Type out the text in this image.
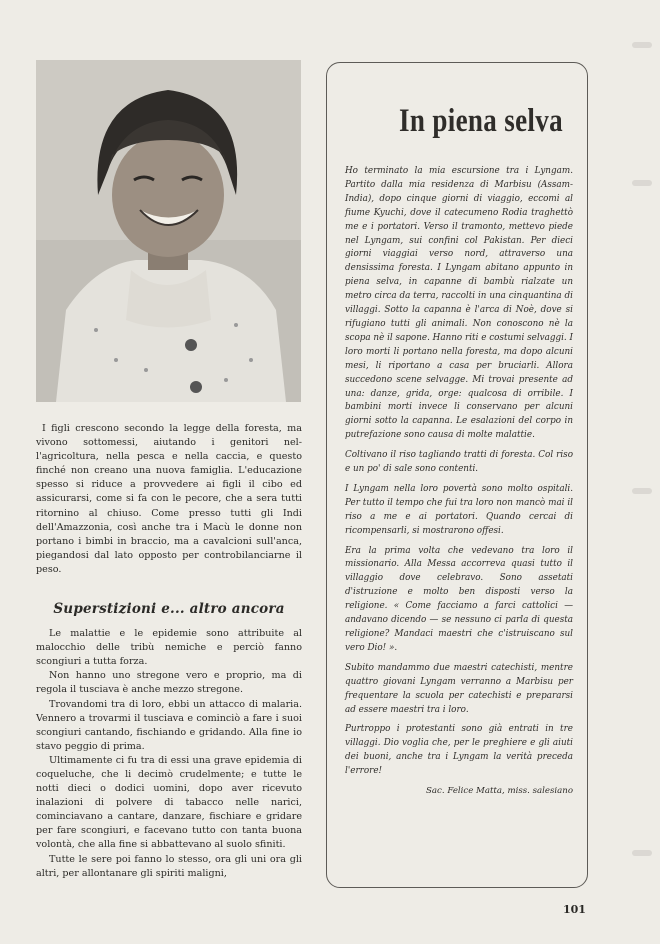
I figli crescono secondo la legge della foresta, ma vivono sottomessi, aiutando i genitori nel-l'agricoltura, nella pesca e nella caccia, e questo finché non creano una nuova famiglia. L'educazione spesso si riduce a provvedere ai figli il cibo ed assicurarsi, come si fa con le pecore, che a sera tutti ritornino al chiuso. Come presso tutti gli Indi dell'Amazzonia, così anche tra i Macù le donne non portano i bimbi in braccio, ma a cavalcioni sull'anca, piegandosi dal lato opposto per controbilanciarne il peso.

Superstizioni e... altro ancora

Le malattie e le epidemie sono attribuite al malocchio delle tribù nemiche e perciò fanno scongiuri a tutta forza.

Non hanno uno stregone vero e proprio, ma di regola il tusciava è anche mezzo stregone.

Trovandomi tra di loro, ebbi un attacco di malaria. Vennero a trovarmi il tusciava e cominciò a fare i suoi scongiuri cantando, fischiando e gridando. Alla fine io stavo peggio di prima.

Ultimamente ci fu tra di essi una grave epidemia di coqueluche, che li decimò crudelmente; e tutte le notti dieci o dodici uomini, dopo aver ricevuto inalazioni di polvere di tabacco nelle narici, cominciavano a cantare, danzare, fischiare e gridare per fare scongiuri, e facevano tutto con tanta buona volontà, che alla fine si abbattevano al suolo sfiniti.

Tutte le sere poi fanno lo stesso, ora gli uni ora gli altri, per allontanare gli spiriti maligni,

In piena selva

Ho terminato la mia escursione tra i Lyngam. Partito dalla mia residenza di Marbisu (Assam-India), dopo cinque giorni di viaggio, eccomi al fiume Kyuchi, dove il catecumeno Rodia traghettò me e i portatori. Verso il tramonto, mettevo piede nel Lyngam, sui confini col Pakistan. Per dieci giorni viaggiai verso nord, attraverso una densissima foresta. I Lyngam abitano appunto in piena selva, in capanne di bambù rialzate un metro circa da terra, raccolti in una cinquantina di villaggi. Sotto la capanna è l'arca di Noè, dove si rifugiano tutti gli animali. Non conoscono nè la scopa nè il sapone. Hanno riti e costumi selvaggi. I loro morti li portano nella foresta, ma dopo alcuni mesi, li riportano a casa per bruciarli. Allora succedono scene selvagge. Mi trovai presente ad una: danze, grida, orge: qualcosa di orribile. I bambini morti invece li conservano per alcuni giorni sotto la capanna. Le esalazioni del corpo in putrefazione sono causa di molte malattie.

Coltivano il riso tagliando tratti di foresta. Col riso e un po' di sale sono contenti.

I Lyngam nella loro povertà sono molto ospitali. Per tutto il tempo che fui tra loro non mancò mai il riso a me e ai portatori. Quando cercai di ricompensarli, si mostrarono offesi.

Era la prima volta che vedevano tra loro il missionario. Alla Messa accorreva quasi tutto il villaggio dove celebravo. Sono assetati d'istruzione e molto ben disposti verso la religione. « Come facciamo a farci cattolici — andavano dicendo — se nessuno ci parla di questa religione? Mandaci maestri che c'istruiscano sul vero Dio! ».

Subito mandammo due maestri catechisti, mentre quattro giovani Lyngam verranno a Marbisu per frequentare la scuola per catechisti e prepararsi ad essere maestri tra i loro.

Purtroppo i protestanti sono già entrati in tre villaggi. Dio voglia che, per le preghiere e gli aiuti dei buoni, anche tra i Lyngam la verità preceda l'errore!

Sac. Felice Matta, miss. salesiano
101
